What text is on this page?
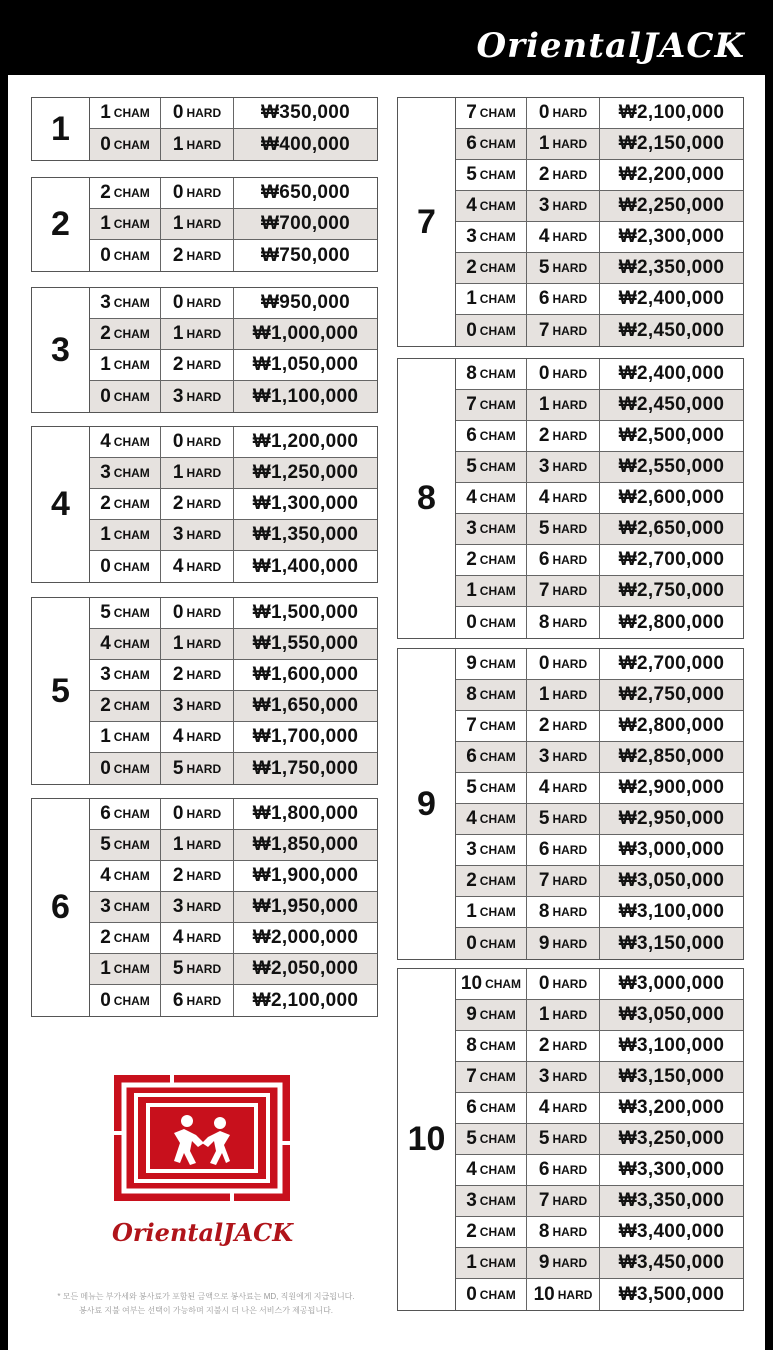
OrientalJACK
1	1 CHAM 0 HARD	₩350,000
0 CHAM 1 HARD	₩400,000
2
2 CHAM 0 HARD	₩650,000
1 CHAM 1 HARD	₩700,000
0 CHAM 2 HARD	₩750,000
3
3 CHAM 0 HARD	₩950,000
2 CHAM 1 HARD	₩1,000,000
1 CHAM 2 HARD	₩1,050,000
0 CHAM 3 HARD	₩1,100,000
4
4 CHAM 0 HARD	₩1,200,000
3 CHAM 1 HARD	₩1,250,000
2 CHAM 2 HARD	₩1,300,000
1 CHAM 3 HARD	₩1,350,000
0 CHAM 4 HARD	₩1,400,000
5
5 CHAM 0 HARD	₩1,500,000
4 CHAM 1 HARD	₩1,550,000
3 CHAM 2 HARD	₩1,600,000
2 CHAM 3 HARD	₩1,650,000
1 CHAM 4 HARD	₩1,700,000
0 CHAM 5 HARD	₩1,750,000
6
6 CHAM 0 HARD	₩1,800,000
5 CHAM 1 HARD	₩1,850,000
4 CHAM 2 HARD	₩1,900,000
3 CHAM 3 HARD	₩1,950,000
2 CHAM 4 HARD	₩2,000,000
1 CHAM 5 HARD	₩2,050,000
0 CHAM 6 HARD	₩2,100,000
7
7 CHAM 0 HARD	₩2,100,000
6 CHAM 1 HARD	₩2,150,000
5 CHAM 2 HARD	₩2,200,000
4 CHAM 3 HARD	₩2,250,000
3 CHAM 4 HARD	₩2,300,000
2 CHAM 5 HARD	₩2,350,000
1 CHAM 6 HARD	₩2,400,000
0 CHAM 7 HARD	₩2,450,000
8
8 CHAM 0 HARD	₩2,400,000
7 CHAM 1 HARD	₩2,450,000
6 CHAM 2 HARD	₩2,500,000
5 CHAM 3 HARD	₩2,550,000
4 CHAM 4 HARD	₩2,600,000
3 CHAM 5 HARD	₩2,650,000
2 CHAM 6 HARD	₩2,700,000
1 CHAM 7 HARD	₩2,750,000
0 CHAM 8 HARD	₩2,800,000
9
9 CHAM 0 HARD	₩2,700,000
8 CHAM 1 HARD	₩2,750,000
7 CHAM 2 HARD	₩2,800,000
6 CHAM 3 HARD	₩2,850,000
5 CHAM 4 HARD	₩2,900,000
4 CHAM 5 HARD	₩2,950,000
3 CHAM 6 HARD	₩3,000,000
2 CHAM 7 HARD	₩3,050,000
1 CHAM 8 HARD	₩3,100,000
0 CHAM 9 HARD	₩3,150,000
10
10 CHAM 0 HARD	₩3,000,000
9 CHAM 1 HARD	₩3,050,000
8 CHAM 2 HARD	₩3,100,000
7 CHAM 3 HARD	₩3,150,000
6 CHAM 4 HARD	₩3,200,000
5 CHAM 5 HARD	₩3,250,000
4 CHAM 6 HARD	₩3,300,000
3 CHAM 7 HARD	₩3,350,000
2 CHAM 8 HARD	₩3,400,000
1 CHAM 9 HARD	₩3,450,000
0 CHAM 10 HARD	₩3,500,000
OrientalJACK
* 모든 메뉴는 부가세와 봉사료가 포함된 금액으로 봉사료는 MD, 직원에게 지급됩니다.
봉사료 지불 여부는 선택이 가능하며 지불시 더 나은 서비스가 제공됩니다.
